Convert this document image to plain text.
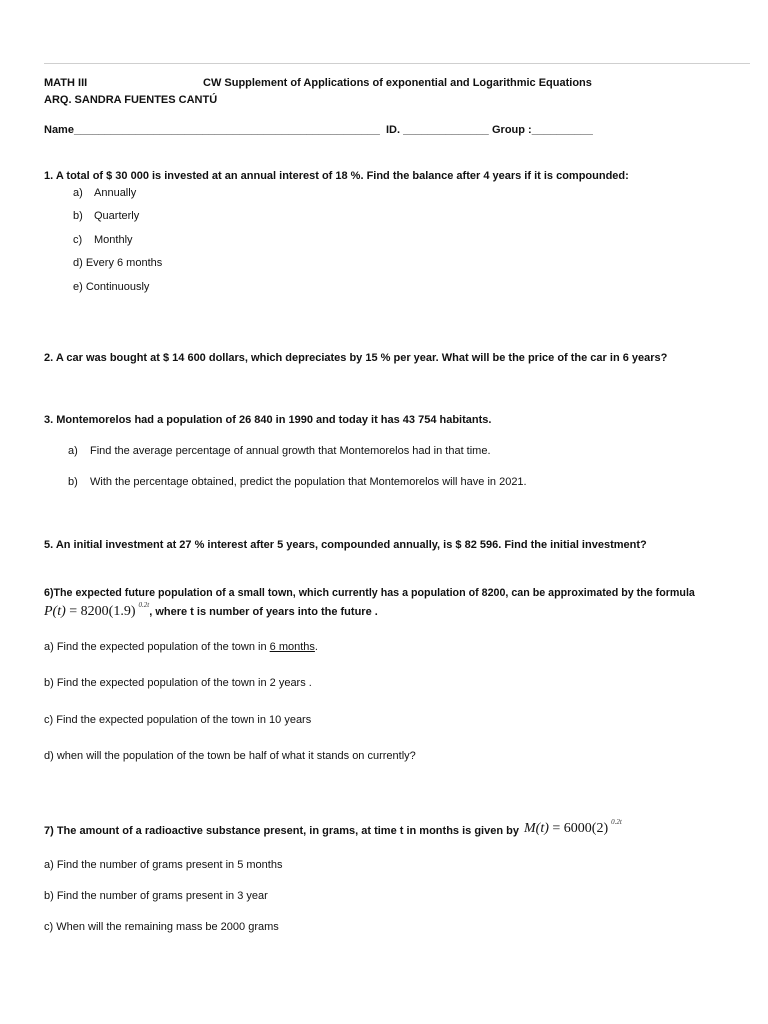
MATH III	CW Supplement of Applications of exponential and Logarithmic Equations
ARQ. SANDRA FUENTES CANTÚ
Name__________________________________________________ ID. ______________ Group :__________
1. A total of $ 30 000 is invested at an annual interest of 18 %. Find the balance after 4 years if it is compounded:
a) Annually
b) Quarterly
c) Monthly
d) Every 6 months
e) Continuously
2. A car was bought at $ 14 600 dollars, which depreciates by 15 % per year. What will be the price of the car in 6 years?
3. Montemorelos had a population of 26 840 in 1990 and today it has 43 754 habitants.
a) Find the average percentage of annual growth that Montemorelos had in that time.
b) With the percentage obtained, predict the population that Montemorelos will have in 2021.
5. An initial investment at 27 % interest after 5 years, compounded annually, is $ 82 596. Find the initial investment?
6)The expected future population of a small town, which currently has a population of 8200, can be approximated by the formula
P(t) = 8200(1.9) $^{0.2t}$, where t is number of years into the future .
a) Find the expected population of the town in 6 months.
b) Find the expected population of the town in 2 years .
c) Find the expected population of the town in 10 years
d) when will the population of the town be half of what it stands on currently?
7) The amount of a radioactive substance present, in grams, at time t in months is given by M(t) = 6000(2) $^{0.2t}$
a) Find the number of grams present in 5 months
b) Find the number of grams present in 3 year
c) When will the remaining mass be 2000 grams
